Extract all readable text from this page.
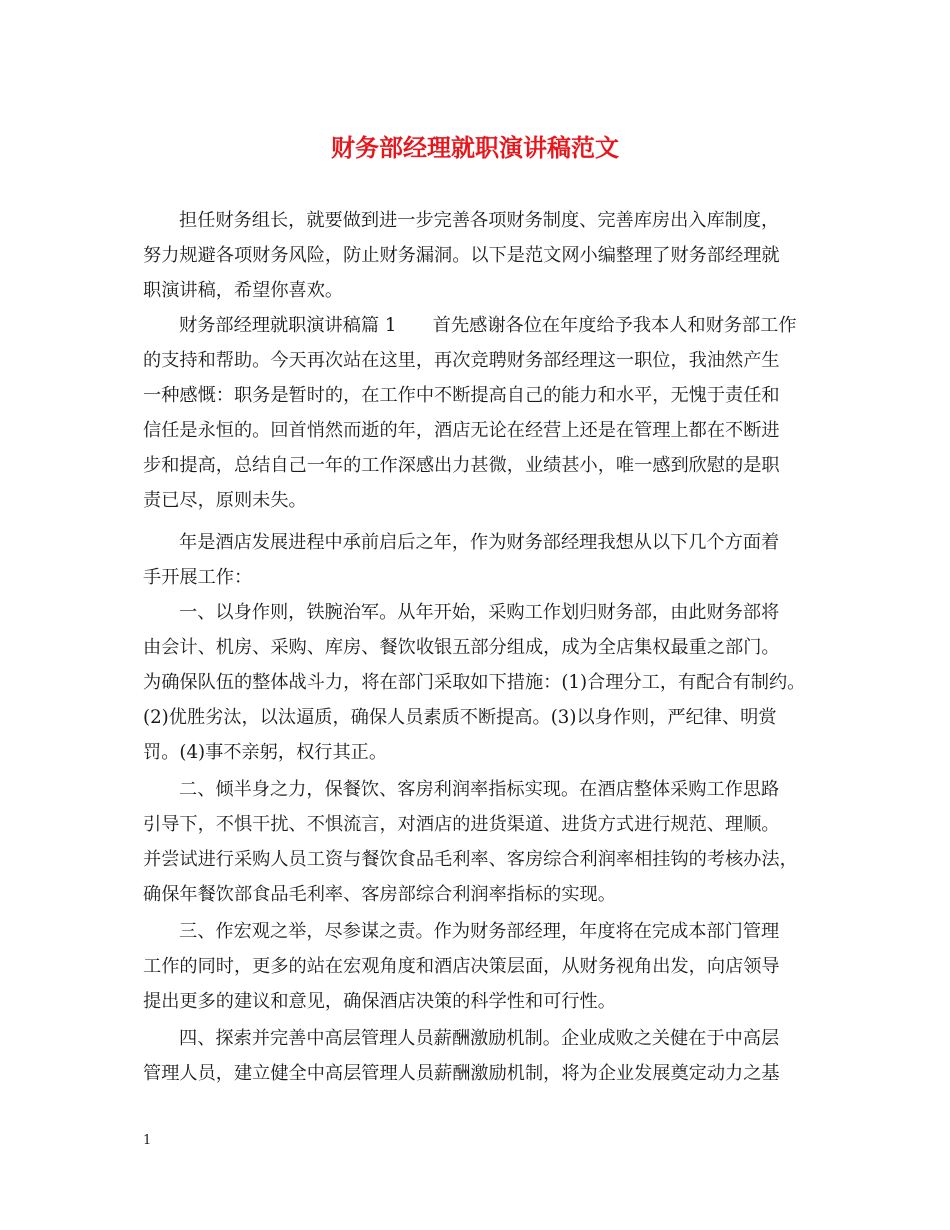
财务部经理就职演讲稿范文
担任财务组长，就要做到进一步完善各项财务制度、完善库房出入库制度，
努力规避各项财务风险，防止财务漏洞。以下是范文网小编整理了财务部经理就
职演讲稿，希望你喜欢。
财务部经理就职演讲稿篇 1　　首先感谢各位在年度给予我本人和财务部工作
的支持和帮助。今天再次站在这里，再次竞聘财务部经理这一职位，我油然产生
一种感慨：职务是暂时的，在工作中不断提高自己的能力和水平，无愧于责任和
信任是永恒的。回首悄然而逝的年，酒店无论在经营上还是在管理上都在不断进
步和提高，总结自己一年的工作深感出力甚微，业绩甚小，唯一感到欣慰的是职
责已尽，原则未失。
年是酒店发展进程中承前启后之年，作为财务部经理我想从以下几个方面着
手开展工作：
一、以身作则，铁腕治军。从年开始，采购工作划归财务部，由此财务部将
由会计、机房、采购、库房、餐饮收银五部分组成，成为全店集权最重之部门。
为确保队伍的整体战斗力，将在部门采取如下措施：(1)合理分工，有配合有制约。
(2)优胜劣汰，以汰逼质，确保人员素质不断提高。(3)以身作则，严纪律、明赏
罚。(4)事不亲躬，权行其正。
二、倾半身之力，保餐饮、客房利润率指标实现。在酒店整体采购工作思路
引导下，不惧干扰、不惧流言，对酒店的进货渠道、进货方式进行规范、理顺。
并尝试进行采购人员工资与餐饮食品毛利率、客房综合利润率相挂钩的考核办法，
确保年餐饮部食品毛利率、客房部综合利润率指标的实现。
三、作宏观之举，尽参谋之责。作为财务部经理，年度将在完成本部门管理
工作的同时，更多的站在宏观角度和酒店决策层面，从财务视角出发，向店领导
提出更多的建议和意见，确保酒店决策的科学性和可行性。
四、探索并完善中高层管理人员薪酬激励机制。企业成败之关健在于中高层
管理人员，建立健全中高层管理人员薪酬激励机制，将为企业发展奠定动力之基
1
